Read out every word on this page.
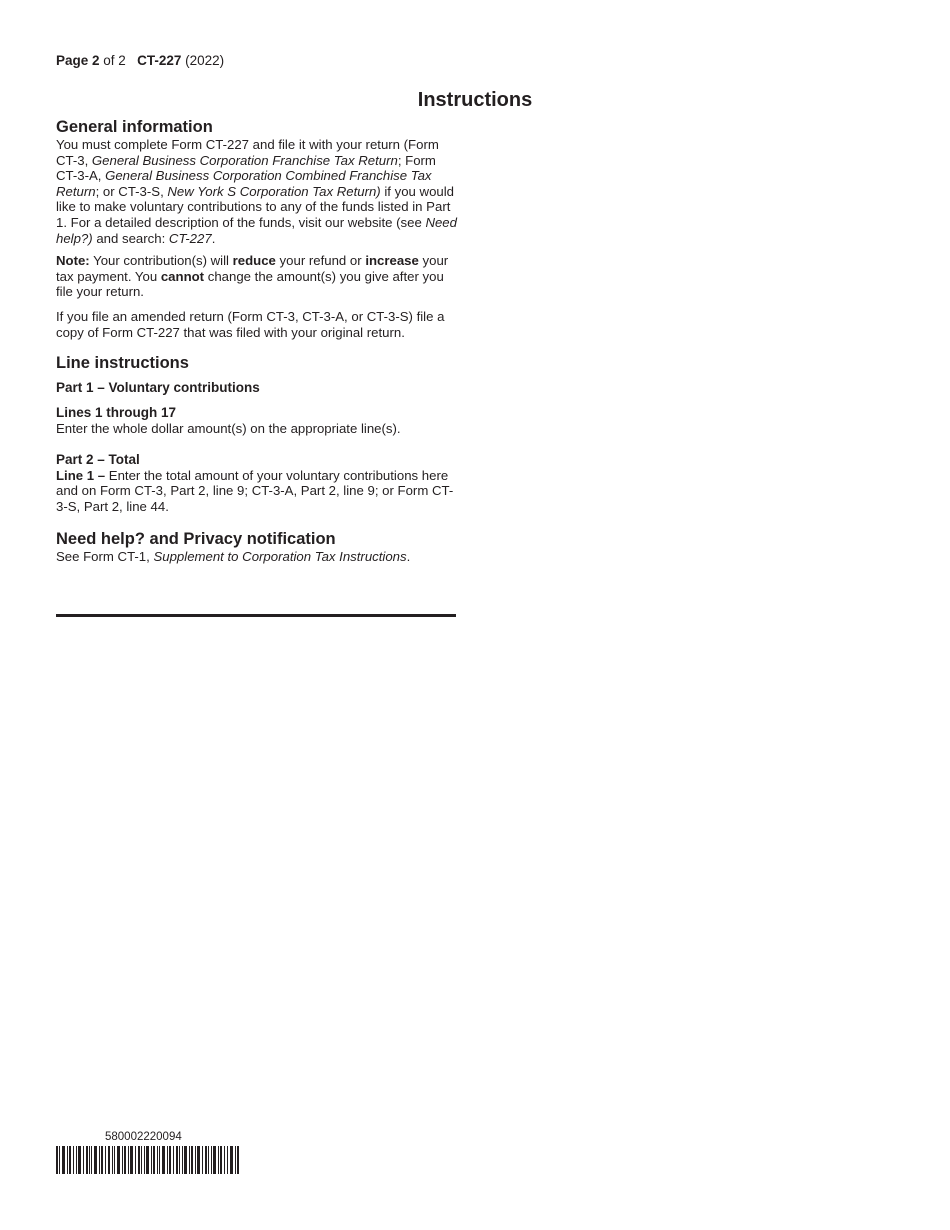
Page 2 of 2 CT-227 (2022)
Instructions
General information

You must complete Form CT-227 and file it with your return (Form CT-3, General Business Corporation Franchise Tax Return; Form CT-3-A, General Business Corporation Combined Franchise Tax Return; or CT-3-S, New York S Corporation Tax Return) if you would like to make voluntary contributions to any of the funds listed in Part 1. For a detailed description of the funds, visit our website (see Need help?) and search: CT-227.

Note: Your contribution(s) will reduce your refund or increase your tax payment. You cannot change the amount(s) you give after you file your return.

If you file an amended return (Form CT-3, CT-3-A, or CT-3-S) file a copy of Form CT-227 that was filed with your original return.

Line instructions
Part 1 – Voluntary contributions
Lines 1 through 17

Enter the whole dollar amount(s) on the appropriate line(s).

Part 2 – Total

Line 1 – Enter the total amount of your voluntary contributions here and on Form CT-3, Part 2, line 9; CT-3-A, Part 2, line 9; or Form CT-3-S, Part 2, line 44.

Need help? and Privacy notification

See Form CT-1, Supplement to Corporation Tax Instructions.

580002220094
